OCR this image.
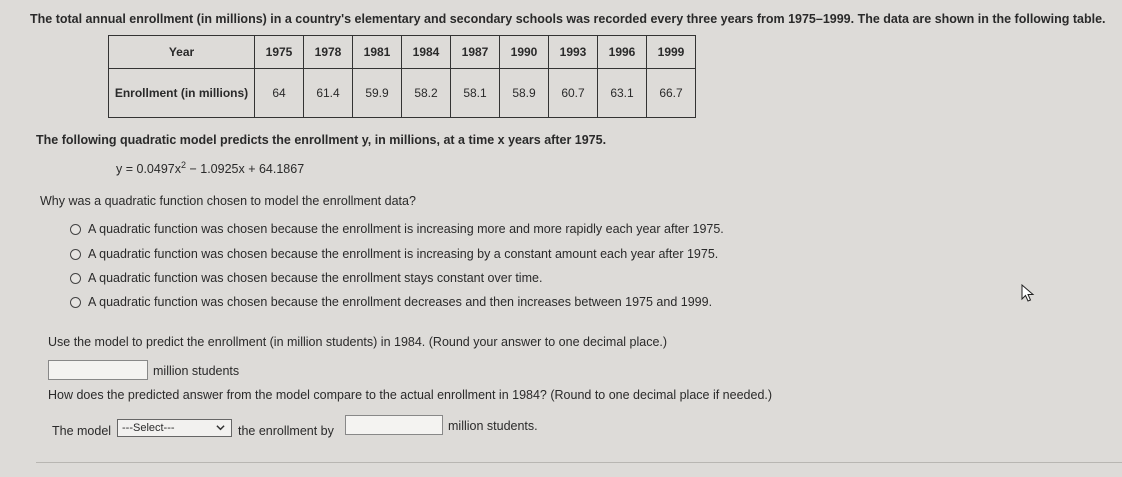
The total annual enrollment (in millions) in a country's elementary and secondary schools was recorded every three years from 1975–1999. The data are shown in the following table.
Year	1975	1978	1981	1984	1987	1990	1993	1996	1999
Enrollment (in millions)	64	61.4	59.9	58.2	58.1	58.9	60.7	63.1	66.7
The following quadratic model predicts the enrollment y, in millions, at a time x years after 1975.
$y = 0.0497x^2 - 1.0925x + 64.1867$
Why was a quadratic function chosen to model the enrollment data?
A quadratic function was chosen because the enrollment is increasing more and more rapidly each year after 1975.
A quadratic function was chosen because the enrollment is increasing by a constant amount each year after 1975.
A quadratic function was chosen because the enrollment stays constant over time.
A quadratic function was chosen because the enrollment decreases and then increases between 1975 and 1999.
Use the model to predict the enrollment (in million students) in 1984. (Round your answer to one decimal place.)
million students
How does the predicted answer from the model compare to the actual enrollment in 1984? (Round to one decimal place if needed.)
The model ---Select---	the enrollment by	million students.
